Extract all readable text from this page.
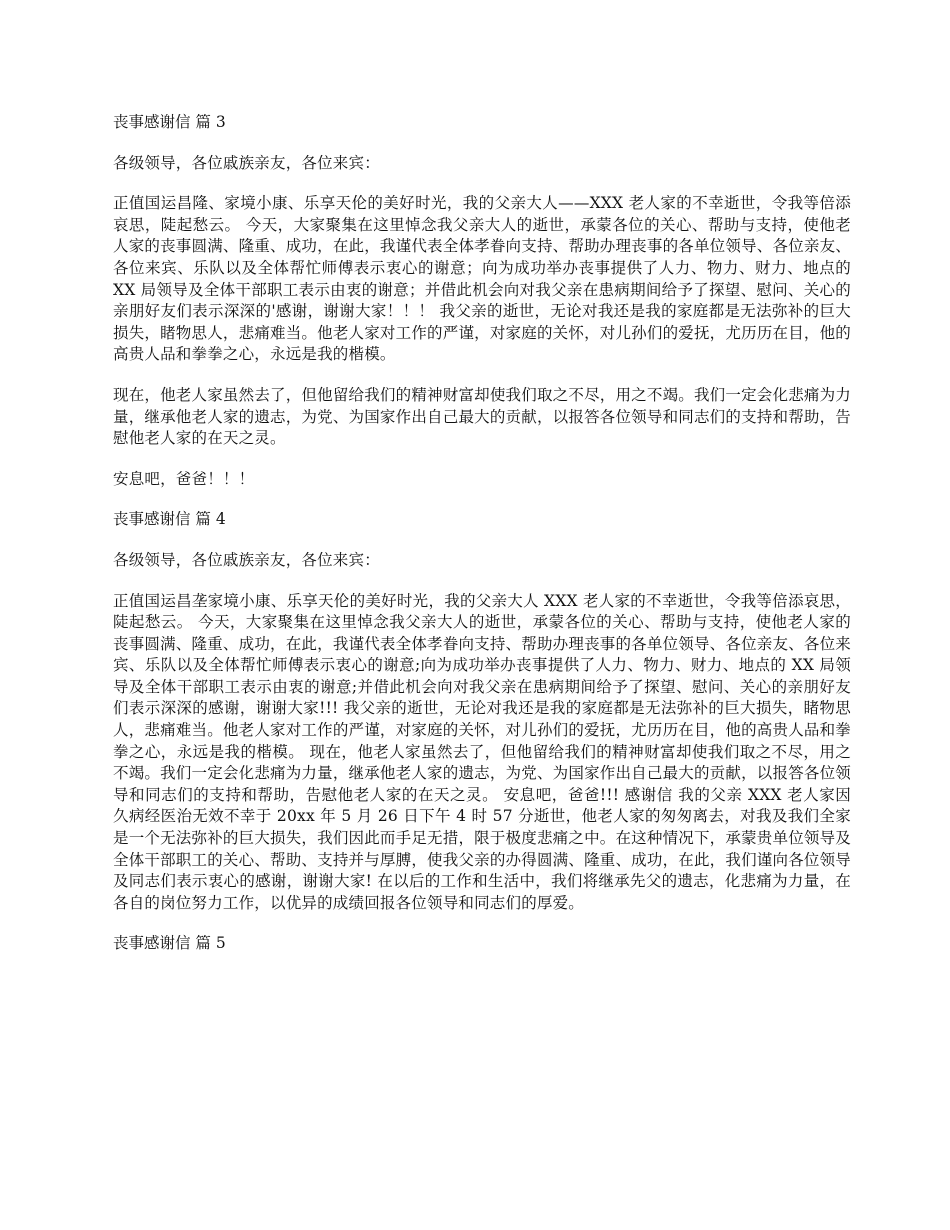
丧事感谢信 篇 3

各级领导，各位戚族亲友，各位来宾：

正值国运昌隆、家境小康、乐享天伦的美好时光，我的父亲大人——XXX 老人家的不幸逝世，令我等倍添哀思，陡起愁云。 今天，大家聚集在这里悼念我父亲大人的逝世，承蒙各位的关心、帮助与支持，使他老人家的丧事圆满、隆重、成功，在此，我谨代表全体孝眷向支持、帮助办理丧事的各单位领导、各位亲友、各位来宾、乐队以及全体帮忙师傅表示衷心的谢意；向为成功举办丧事提供了人力、物力、财力、地点的 XX 局领导及全体干部职工表示由衷的谢意；并借此机会向对我父亲在患病期间给予了探望、慰问、关心的亲朋好友们表示深深的'感谢，谢谢大家！！！ 我父亲的逝世，无论对我还是我的家庭都是无法弥补的巨大损失，睹物思人，悲痛难当。他老人家对工作的严谨，对家庭的关怀，对儿孙们的爱抚，尤历历在目，他的高贵人品和拳拳之心，永远是我的楷模。

现在，他老人家虽然去了，但他留给我们的精神财富却使我们取之不尽，用之不竭。我们一定会化悲痛为力量，继承他老人家的遗志，为党、为国家作出自己最大的贡献，以报答各位领导和同志们的支持和帮助，告慰他老人家的在天之灵。

安息吧，爸爸！！！

丧事感谢信 篇 4

各级领导，各位戚族亲友，各位来宾：

正值国运昌垄家境小康、乐享天伦的美好时光，我的父亲大人 XXX 老人家的不幸逝世，令我等倍添哀思，陡起愁云。 今天，大家聚集在这里悼念我父亲大人的逝世，承蒙各位的关心、帮助与支持，使他老人家的丧事圆满、隆重、成功，在此，我谨代表全体孝眷向支持、帮助办理丧事的各单位领导、各位亲友、各位来宾、乐队以及全体帮忙师傅表示衷心的谢意;向为成功举办丧事提供了人力、物力、财力、地点的 XX 局领导及全体干部职工表示由衷的谢意;并借此机会向对我父亲在患病期间给予了探望、慰问、关心的亲朋好友们表示深深的感谢，谢谢大家!!! 我父亲的逝世，无论对我还是我的家庭都是无法弥补的巨大损失，睹物思人，悲痛难当。他老人家对工作的严谨，对家庭的关怀，对儿孙们的爱抚，尤历历在目，他的高贵人品和拳拳之心，永远是我的楷模。 现在，他老人家虽然去了，但他留给我们的精神财富却使我们取之不尽，用之不竭。我们一定会化悲痛为力量，继承他老人家的遗志，为党、为国家作出自己最大的贡献，以报答各位领导和同志们的支持和帮助，告慰他老人家的在天之灵。 安息吧，爸爸!!! 感谢信 我的父亲 XXX 老人家因久病经医治无效不幸于 20xx 年 5 月 26 日下午 4 时 57 分逝世，他老人家的匆匆离去，对我及我们全家是一个无法弥补的巨大损失，我们因此而手足无措，限于极度悲痛之中。在这种情况下，承蒙贵单位领导及全体干部职工的关心、帮助、支持并与厚膊，使我父亲的办得圆满、隆重、成功，在此，我们谨向各位领导及同志们表示衷心的感谢，谢谢大家! 在以后的工作和生活中，我们将继承先父的遗志，化悲痛为力量，在各自的岗位努力工作，以优异的成绩回报各位领导和同志们的厚爱。

丧事感谢信 篇 5
